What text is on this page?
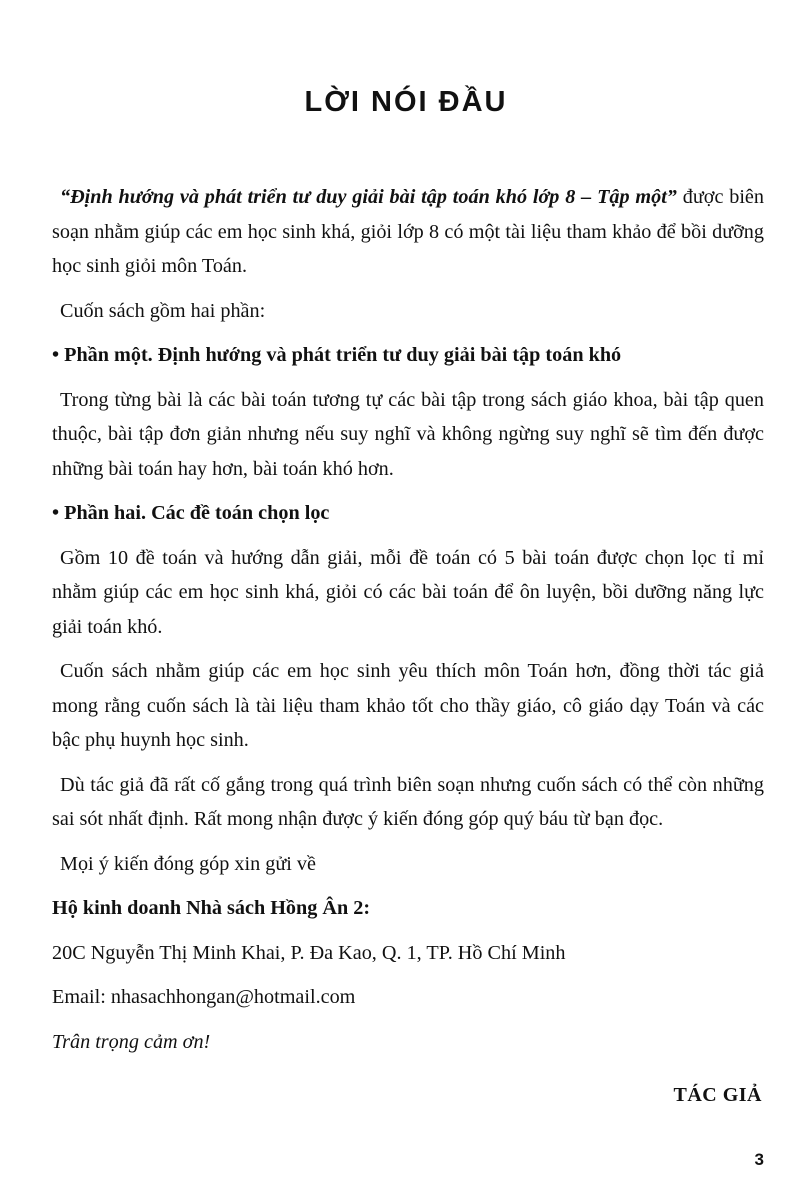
LỜI NÓI ĐẦU

“Định hướng và phát triển tư duy giải bài tập toán khó lớp 8 – Tập một” được biên soạn nhằm giúp các em học sinh khá, giỏi lớp 8 có một tài liệu tham khảo để bồi dưỡng học sinh giỏi môn Toán.

Cuốn sách gồm hai phần:

• Phần một. Định hướng và phát triển tư duy giải bài tập toán khó

Trong từng bài là các bài toán tương tự các bài tập trong sách giáo khoa, bài tập quen thuộc, bài tập đơn giản nhưng nếu suy nghĩ và không ngừng suy nghĩ sẽ tìm đến được những bài toán hay hơn, bài toán khó hơn.

• Phần hai. Các đề toán chọn lọc

Gồm 10 đề toán và hướng dẫn giải, mỗi đề toán có 5 bài toán được chọn lọc tỉ mỉ nhằm giúp các em học sinh khá, giỏi có các bài toán để ôn luyện, bồi dưỡng năng lực giải toán khó.

Cuốn sách nhằm giúp các em học sinh yêu thích môn Toán hơn, đồng thời tác giả mong rằng cuốn sách là tài liệu tham khảo tốt cho thầy giáo, cô giáo dạy Toán và các bậc phụ huynh học sinh.

Dù tác giả đã rất cố gắng trong quá trình biên soạn nhưng cuốn sách có thể còn những sai sót nhất định. Rất mong nhận được ý kiến đóng góp quý báu từ bạn đọc.

Mọi ý kiến đóng góp xin gửi về

Hộ kinh doanh Nhà sách Hồng Ân 2:

20C Nguyễn Thị Minh Khai, P. Đa Kao, Q. 1, TP. Hồ Chí Minh

Email: nhasachhongan@hotmail.com

Trân trọng cảm ơn!

TÁC GIẢ
3
